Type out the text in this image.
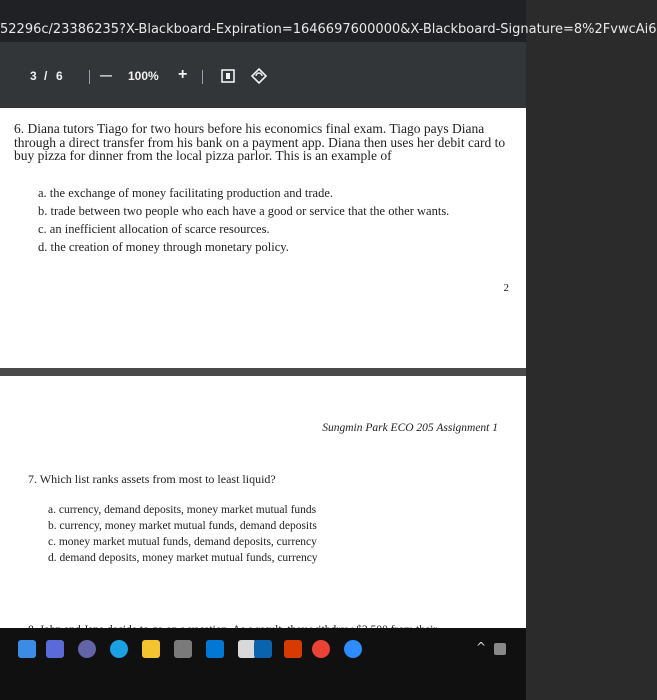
52296c/23386235?X-Blackboard-Expiration=1646697600000&X-Blackboard-Signature=8%2FvwcAi6
3 / 6	— 100% +

6. Diana tutors Tiago for two hours before his economics final exam. Tiago pays Diana through a direct transfer from his bank on a payment app. Diana then uses her debit card to buy pizza for dinner from the local pizza parlor. This is an example of

a. the exchange of money facilitating production and trade.
b. trade between two people who each have a good or service that the other wants.
c. an inefficient allocation of scarce resources.
d. the creation of money through monetary policy.
2
Sungmin Park ECO 205 Assignment 1

7. Which list ranks assets from most to least liquid?

a. currency, demand deposits, money market mutual funds
b. currency, money market mutual funds, demand deposits
c. money market mutual funds, demand deposits, currency
d. demand deposits, money market mutual funds, currency

^
